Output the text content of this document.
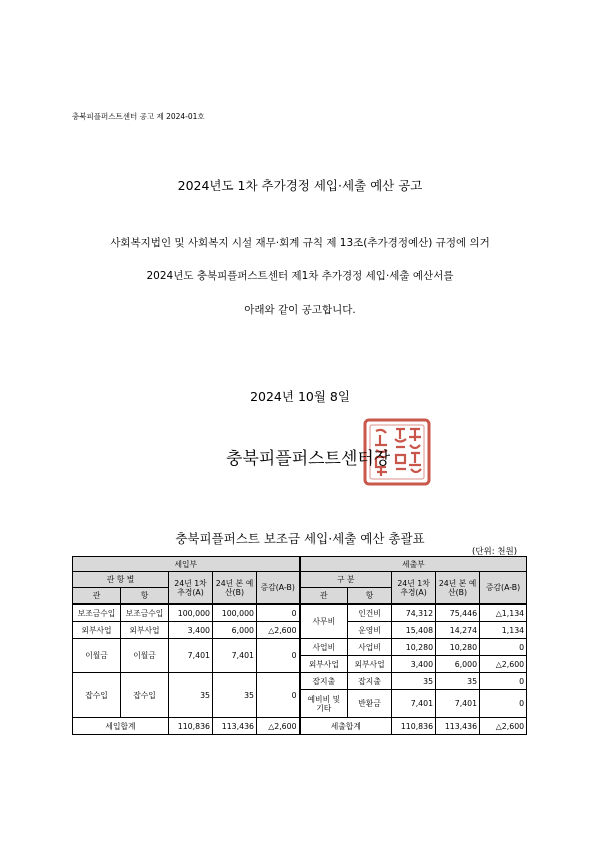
충북피플퍼스트센터 공고 제 2024-01호
2024년도 1차 추가경정 세입·세출 예산 공고
사회복지법인 및 사회복지 시설 재무·회계 규칙 제 13조(추가경정예산) 규정에 의거
2024년도 충북피플퍼스트센터 제1차 추가경정 세입·세출 예산서를
아래와 같이 공고합니다.
2024년 10월 8일
충북피플퍼스트센터장
충북피플퍼스트 보조금 세입·세출 예산 총괄표
(단위: 천원)
세입부					세출부				
관 항 별		24년 1차추경(A)	24년 본 예산(B)	증감(A-B)	구 분		24년 1차추경(A)	24년 본 예산(B)	증감(A-B)
관	항				관	항			
보조금수입	보조금수입	100,000	100,000	0	사무비	인건비	74,312	75,446	△1,134
외부사업	외부사업	3,400	6,000	△2,600		운영비	15,408	14,274	1,134
이월금	이월금	7,401	7,401	0	사업비	사업비	10,280	10,280	0
					외부사업	외부사업	3,400	6,000	△2,600
잡수입	잡수입	35	35	0	잡지출	잡지출	35	35	0
					예비비 및 기타	반환금	7,401	7,401	0
세입합계		110,836	113,436	△2,600	세출합계		110,836	113,436	△2,600
